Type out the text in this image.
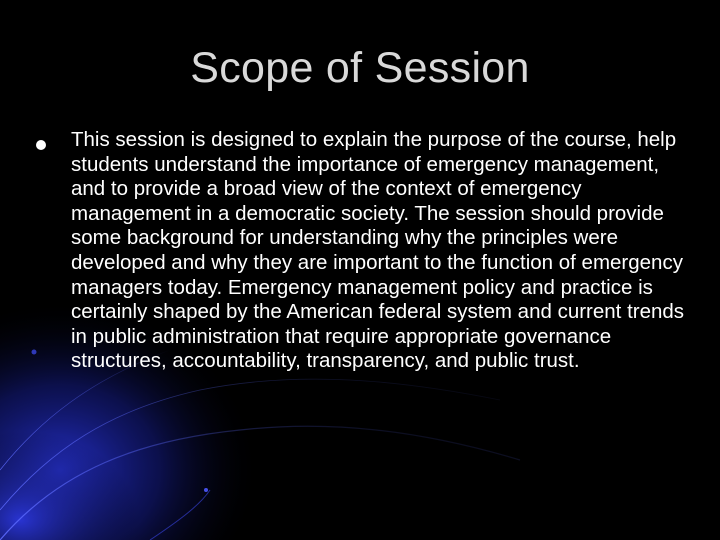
Scope of Session
This session is designed to explain the purpose of the course, help students understand the importance of emergency management, and to provide a broad view of the context of emergency management in a democratic society. The session should provide some background for understanding why the principles were developed and why they are important to the function of emergency managers today. Emergency management policy and practice is certainly shaped by the American federal system and current trends in public administration that require appropriate governance structures, accountability, transparency, and public trust.
